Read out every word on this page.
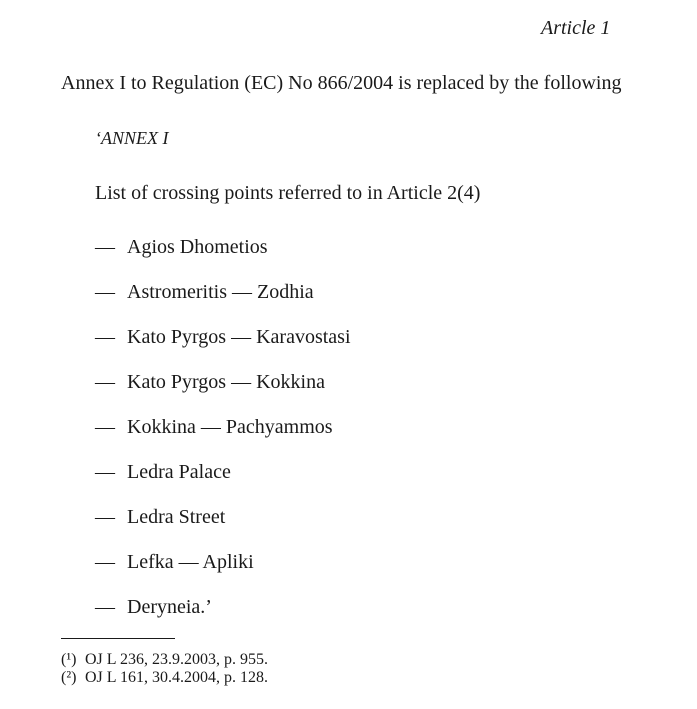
Article 1
Annex I to Regulation (EC) No 866/2004 is replaced by the following
‘ANNEX I
List of crossing points referred to in Article 2(4)
— Agios Dhometios
— Astromeritis — Zodhia
— Kato Pyrgos — Karavostasi
— Kato Pyrgos — Kokkina
— Kokkina — Pachyammos
— Ledra Palace
— Ledra Street
— Lefka — Apliki
— Deryneia.’
(¹) OJ L 236, 23.9.2003, p. 955.
(²) OJ L 161, 30.4.2004, p. 128.
